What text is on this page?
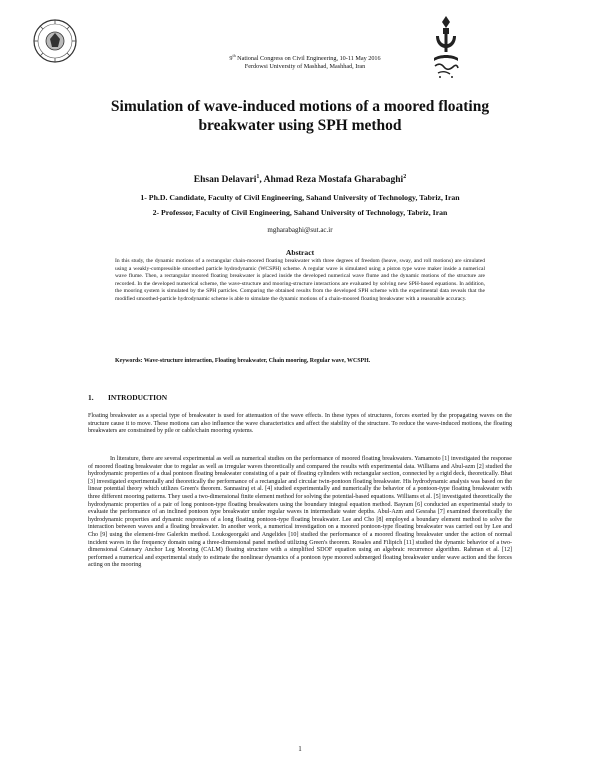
9th National Congress on Civil Engineering, 10-11 May 2016
Ferdowsi University of Mashhad, Mashhad, Iran
Simulation of wave-induced motions of a moored floating breakwater using SPH method
Ehsan Delavari$^1$, Ahmad Reza Mostafa Gharabaghi$^2$
1- Ph.D. Candidate, Faculty of Civil Engineering, Sahand University of Technology, Tabriz, Iran
2- Professor, Faculty of Civil Engineering, Sahand University of Technology, Tabriz, Iran
mgharabaghi@sut.ac.ir
Abstract
In this study, the dynamic motions of a rectangular chain-moored floating breakwater with three degrees of freedom (heave, sway, and roll motions) are simulated using a weakly-compressible smoothed particle hydrodynamic (WCSPH) scheme. A regular wave is simulated using a piston type wave maker inside a numerical wave flume. Then, a rectangular moored floating breakwater is placed inside the developed numerical wave flume and the dynamic motions of the structure are recorded. In the developed numerical scheme, the wave-structure and mooring-structure interactions are evaluated by solving new SPH-based equations. In addition, the mooring system is simulated by the SPH particles. Comparing the obtained results from the developed SPH scheme with the experimental data reveals that the modified smoothed-particle hydrodynamic scheme is able to simulate the dynamic motions of a chain-moored floating breakwater with a reasonable accuracy.
Keywords: Wave-structure interaction, Floating breakwater, Chain mooring, Regular wave, WCSPH.
1. INTRODUCTION
Floating breakwater as a special type of breakwater is used for attenuation of the wave effects. In these types of structures, forces exerted by the propagating waves on the structure cause it to move. These motions can also influence the wave characteristics and affect the stability of the structure. To reduce the wave-induced motions, the floating breakwaters are constrained by pile or cable/chain mooring systems.
In literature, there are several experimental as well as numerical studies on the performance of moored floating breakwaters. Yamamoto [1] investigated the response of moored floating breakwater due to regular as well as irregular waves theoretically and compared the results with experimental data. Williams and Abul-azm [2] studied the hydrodynamic properties of a dual pontoon floating breakwater consisting of a pair of floating cylinders with rectangular section, connected by a rigid deck, theoretically. Bhat [3] investigated experimentally and theoretically the performance of a rectangular and circular twin-pontoon floating breakwater. His hydrodynamic analysis was based on the linear potential theory which utilizes Green's theorem. Sannasiraj et al. [4] studied experimentally and numerically the behavior of a pontoon-type floating breakwater with three different mooring patterns. They used a two-dimensional finite element method for solving the potential-based equations. Williams et al. [5] investigated theoretically the hydrodynamic properties of a pair of long pontoon-type floating breakwaters using the boundary integral equation method. Bayram [6] conducted an experimental study to evaluate the performance of an inclined pontoon type breakwater under regular waves in intermediate water depths. Abul-Azm and Gesraha [7] examined theoretically the hydrodynamic properties and dynamic responses of a long floating pontoon-type floating breakwater. Lee and Cho [8] employed a boundary element method to solve the interaction between waves and a floating breakwater. In another work, a numerical investigation on a moored pontoon-type floating breakwater was carried out by Lee and Cho [9] using the element-free Galerkin method. Loukogeorgaki and Angelides [10] studied the performance of a moored floating breakwater under the action of normal incident waves in the frequency domain using a three-dimensional panel method utilizing Green's theorem. Rosales and Filipich [11] studied the dynamic behavior of a two-dimensional Catenary Anchor Leg Mooring (CALM) floating structure with a simplified SDOF equation using an algebraic recurrence algorithm. Rahman et al. [12] performed a numerical and experimental study to estimate the nonlinear dynamics of a pontoon type moored submerged floating breakwater under wave action and the forces acting on the mooring
1
